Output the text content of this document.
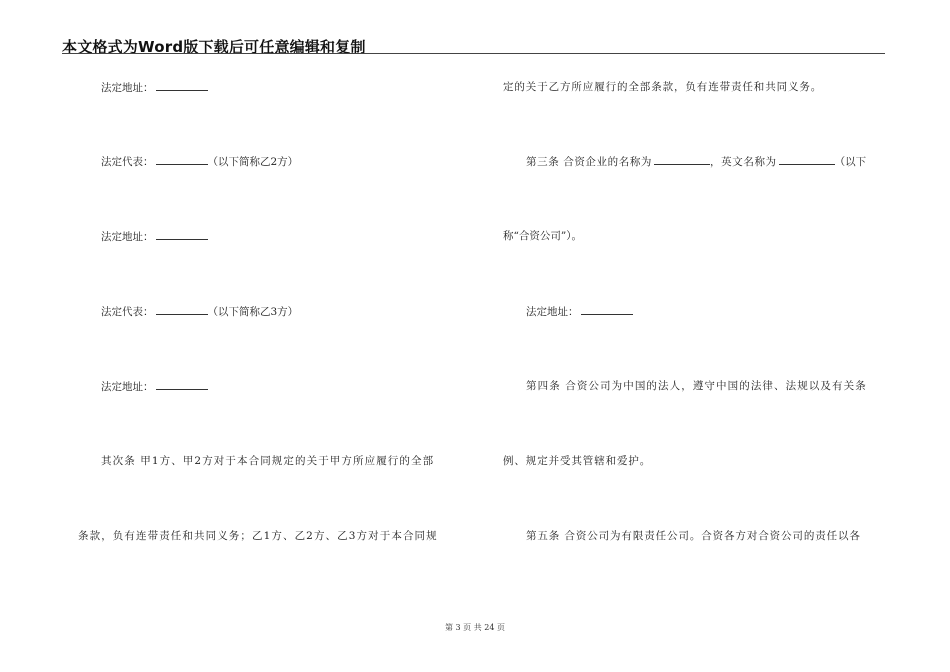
本文格式为Word版下载后可任意编辑和复制
法定地址：
法定代表：	（以下简称乙2方）
法定地址：
法定代表：	（以下简称乙3方）
法定地址：
其次条 甲1方、甲2方对于本合同规定的关于甲方所应履行的全部
条款，负有连带责任和共同义务；乙1方、乙2方、乙3方对于本合同规
定的关于乙方所应履行的全部条款，负有连带责任和共同义务。
第三条 合资企业的名称为	，英文名称为	（以下
称“合资公司”）。
法定地址：
第四条 合资公司为中国的法人，遵守中国的法律、法规以及有关条
例、规定并受其管辖和爱护。
第五条 合资公司为有限责任公司。合资各方对合资公司的责任以各
第 3 页 共 24 页
